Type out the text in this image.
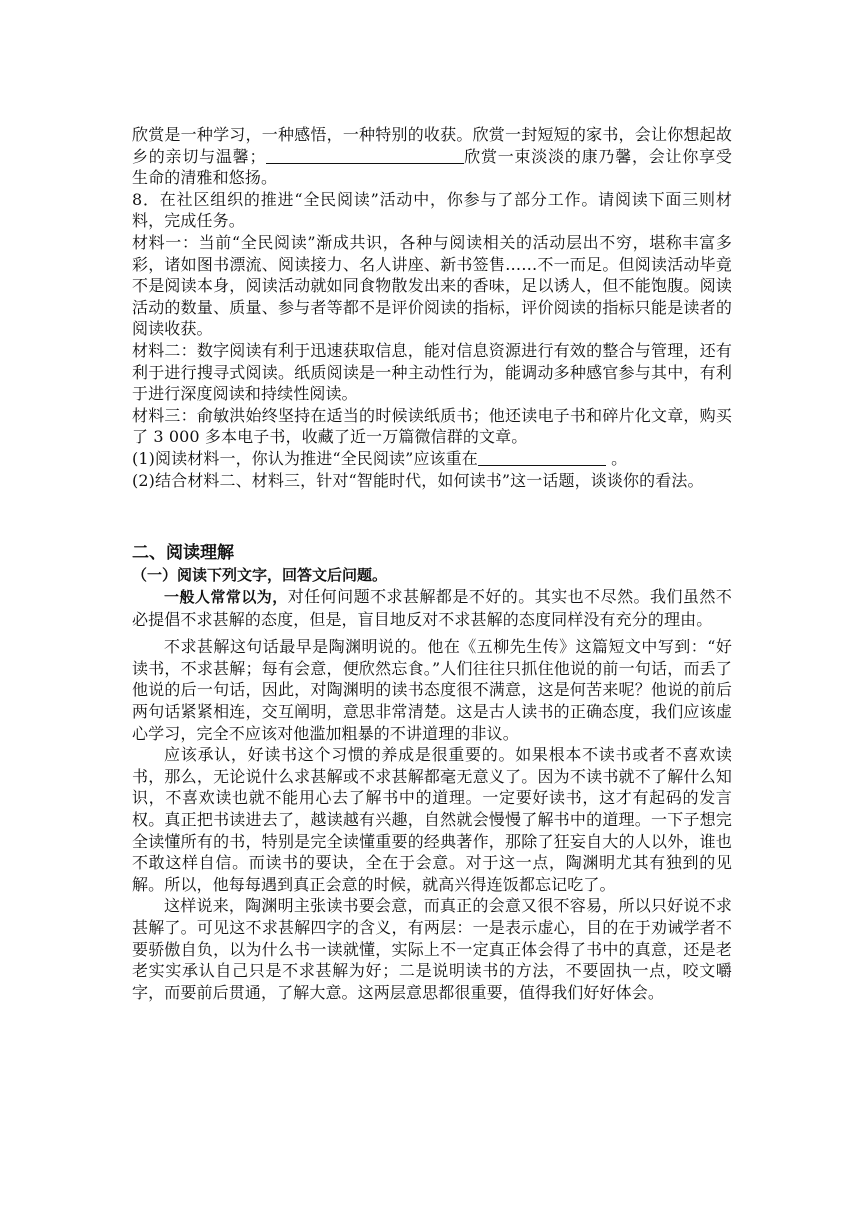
欣赏是一种学习，一种感悟，一种特别的收获。欣赏一封短短的家书，会让你想起故乡的亲切与温馨；	欣赏一束淡淡的康乃馨，会让你享受生命的清雅和悠扬。

8．在社区组织的推进“全民阅读”活动中，你参与了部分工作。请阅读下面三则材料，完成任务。

材料一：当前“全民阅读”渐成共识，各种与阅读相关的活动层出不穷，堪称丰富多彩，诸如图书漂流、阅读接力、名人讲座、新书签售……不一而足。但阅读活动毕竟不是阅读本身，阅读活动就如同食物散发出来的香味，足以诱人，但不能饱腹。阅读活动的数量、质量、参与者等都不是评价阅读的指标，评价阅读的指标只能是读者的阅读收获。

材料二：数字阅读有利于迅速获取信息，能对信息资源进行有效的整合与管理，还有利于进行搜寻式阅读。纸质阅读是一种主动性行为，能调动多种感官参与其中，有利于进行深度阅读和持续性阅读。

材料三：俞敏洪始终坚持在适当的时候读纸质书；他还读电子书和碎片化文章，购买了 3 000 多本电子书，收藏了近一万篇微信群的文章。

(1)阅读材料一，你认为推进“全民阅读”应该重在	。

(2)结合材料二、材料三，针对“智能时代，如何读书”这一话题，谈谈你的看法。

二、阅读理解
（一）阅读下列文字，回答文后问题。

一般人常常以为，对任何问题不求甚解都是不好的。其实也不尽然。我们虽然不必提倡不求甚解的态度，但是，盲目地反对不求甚解的态度同样没有充分的理由。

不求甚解这句话最早是陶渊明说的。他在《五柳先生传》这篇短文中写到：“好读书，不求甚解；每有会意，便欣然忘食。”人们往往只抓住他说的前一句话，而丢了他说的后一句话，因此，对陶渊明的读书态度很不满意，这是何苦来呢？他说的前后两句话紧紧相连，交互阐明，意思非常清楚。这是古人读书的正确态度，我们应该虚心学习，完全不应该对他滥加粗暴的不讲道理的非议。

应该承认，好读书这个习惯的养成是很重要的。如果根本不读书或者不喜欢读书，那么，无论说什么求甚解或不求甚解都毫无意义了。因为不读书就不了解什么知识，不喜欢读也就不能用心去了解书中的道理。一定要好读书，这才有起码的发言权。真正把书读进去了，越读越有兴趣，自然就会慢慢了解书中的道理。一下子想完全读懂所有的书，特别是完全读懂重要的经典著作，那除了狂妄自大的人以外，谁也不敢这样自信。而读书的要诀，全在于会意。对于这一点，陶渊明尤其有独到的见解。所以，他每每遇到真正会意的时候，就高兴得连饭都忘记吃了。

这样说来，陶渊明主张读书要会意，而真正的会意又很不容易，所以只好说不求甚解了。可见这不求甚解四字的含义，有两层：一是表示虚心，目的在于劝诫学者不要骄傲自负，以为什么书一读就懂，实际上不一定真正体会得了书中的真意，还是老老实实承认自己只是不求甚解为好；二是说明读书的方法，不要固执一点，咬文嚼字，而要前后贯通，了解大意。这两层意思都很重要，值得我们好好体会。
